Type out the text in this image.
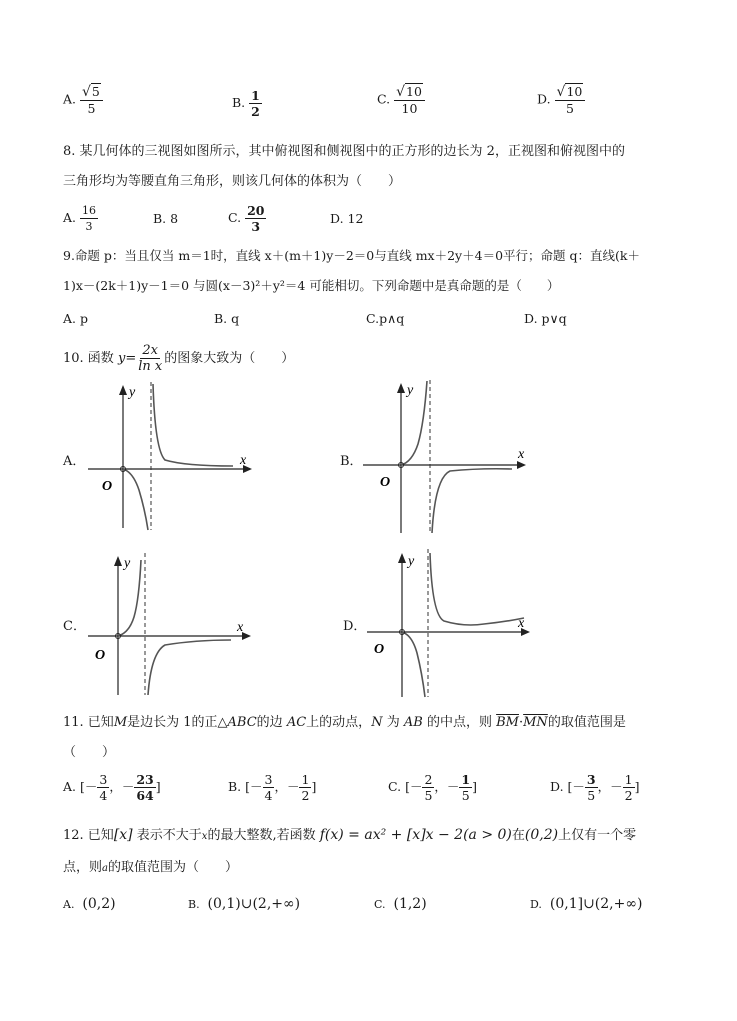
A. $\frac{√5}{5}$	B. $\frac{1}{2}$	C. $\frac{√10}{10}$	D. $\frac{√10}{5}$
8. 某几何体的三视图如图所示，其中俯视图和侧视图中的正方形的边长为 2，正视图和俯视图中的
三角形均为等腰直角三角形，则该几何体的体积为（　　）
A. $\frac{16}{3}$	B. 8	C. $\frac{20}{3}$	D. 12
9.命题 p：当且仅当 m＝1时，直线 x＋(m＋1)y－2＝0与直线 mx＋2y＋4＝0平行；命题 q：直线(k＋
1)x－(2k＋1)y－1＝0 与圆(x－3)²＋y²＝4 可能相切。下列命题中是真命题的是（　　）
A. p	B. q	C.p∧q	D. p∨q
10. 函数 $y= \frac{2x}{\text{ln x}}$ 的图象大致为（　　）
A．	x
y
O
B．	x
y
O
C．	x
y
O
D．	x
y
O
11. 已知M是边长为 1的正△ABC的边 AC上的动点，N 为 AB 的中点，则 $\overline{BM}\cdot\overline{MN}$的取值范围是
（　　）
A. [－ $\frac{3}{4}$ ，－ $\frac{23}{64}$ ]	B. [－ $\frac{3}{4}$ ，－ $\frac{1}{2}$ ]	C. [－ $\frac{2}{5}$ ，－ $\frac{1}{5}$ ]	D. [－ $\frac{3}{5}$ ，－ $\frac{1}{2}$ ]
12. 已知[x] 表示不大于x的最大整数,若函数 f(x) = ax² + [x]x − 2(a > 0)在(0,2)上仅有一个零
点，则a的取值范围为（　　）
A. (0,2)	B. (0,1)∪(2,+∞)	C. (1,2)	D. (0,1]∪(2,+∞)
